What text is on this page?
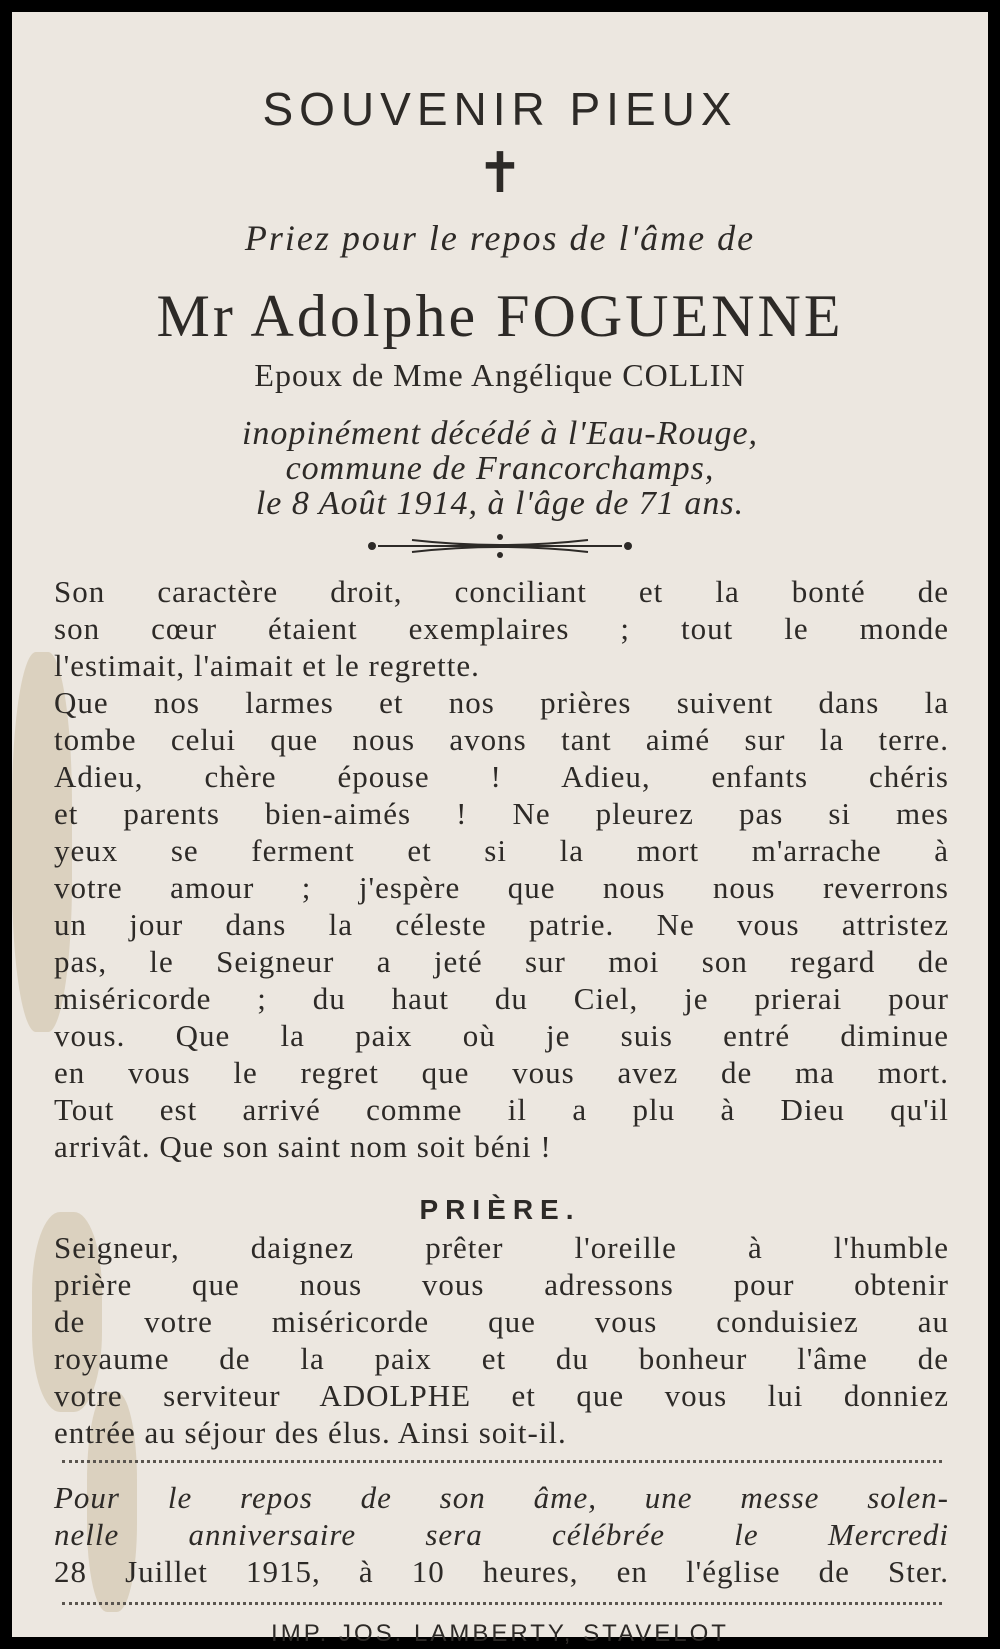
SOUVENIR PIEUX
✝
Priez pour le repos de l'âme de
Mr Adolphe FOGUENNE
Epoux de Mme Angélique COLLIN
inopinément décédé à l'Eau-Rouge,
commune de Francorchamps,
le 8 Août 1914, à l'âge de 71 ans.
Son caractère droit, conciliant et la bonté de
son cœur étaient exemplaires ; tout le monde
l'estimait, l'aimait et le regrette.
Que nos larmes et nos prières suivent dans la
tombe celui que nous avons tant aimé sur la terre.
Adieu, chère épouse ! Adieu, enfants chéris
et parents bien-aimés ! Ne pleurez pas si mes
yeux se ferment et si la mort m'arrache à
votre amour ; j'espère que nous nous reverrons
un jour dans la céleste patrie. Ne vous attristez
pas, le Seigneur a jeté sur moi son regard de
miséricorde ; du haut du Ciel, je prierai pour
vous. Que la paix où je suis entré diminue
en vous le regret que vous avez de ma mort.
Tout est arrivé comme il a plu à Dieu qu'il
arrivât. Que son saint nom soit béni !
PRIÈRE.
Seigneur, daignez prêter l'oreille à l'humble
prière que nous vous adressons pour obtenir
de votre miséricorde que vous conduisiez au
royaume de la paix et du bonheur l'âme de
votre serviteur ADOLPHE et que vous lui donniez
entrée au séjour des élus. Ainsi soit-il.
Pour le repos de son âme, une messe solen-
nelle anniversaire sera célébrée le Mercredi
28 Juillet 1915, à 10 heures, en l'église de Ster.
IMP. JOS. LAMBERTY, STAVELOT
